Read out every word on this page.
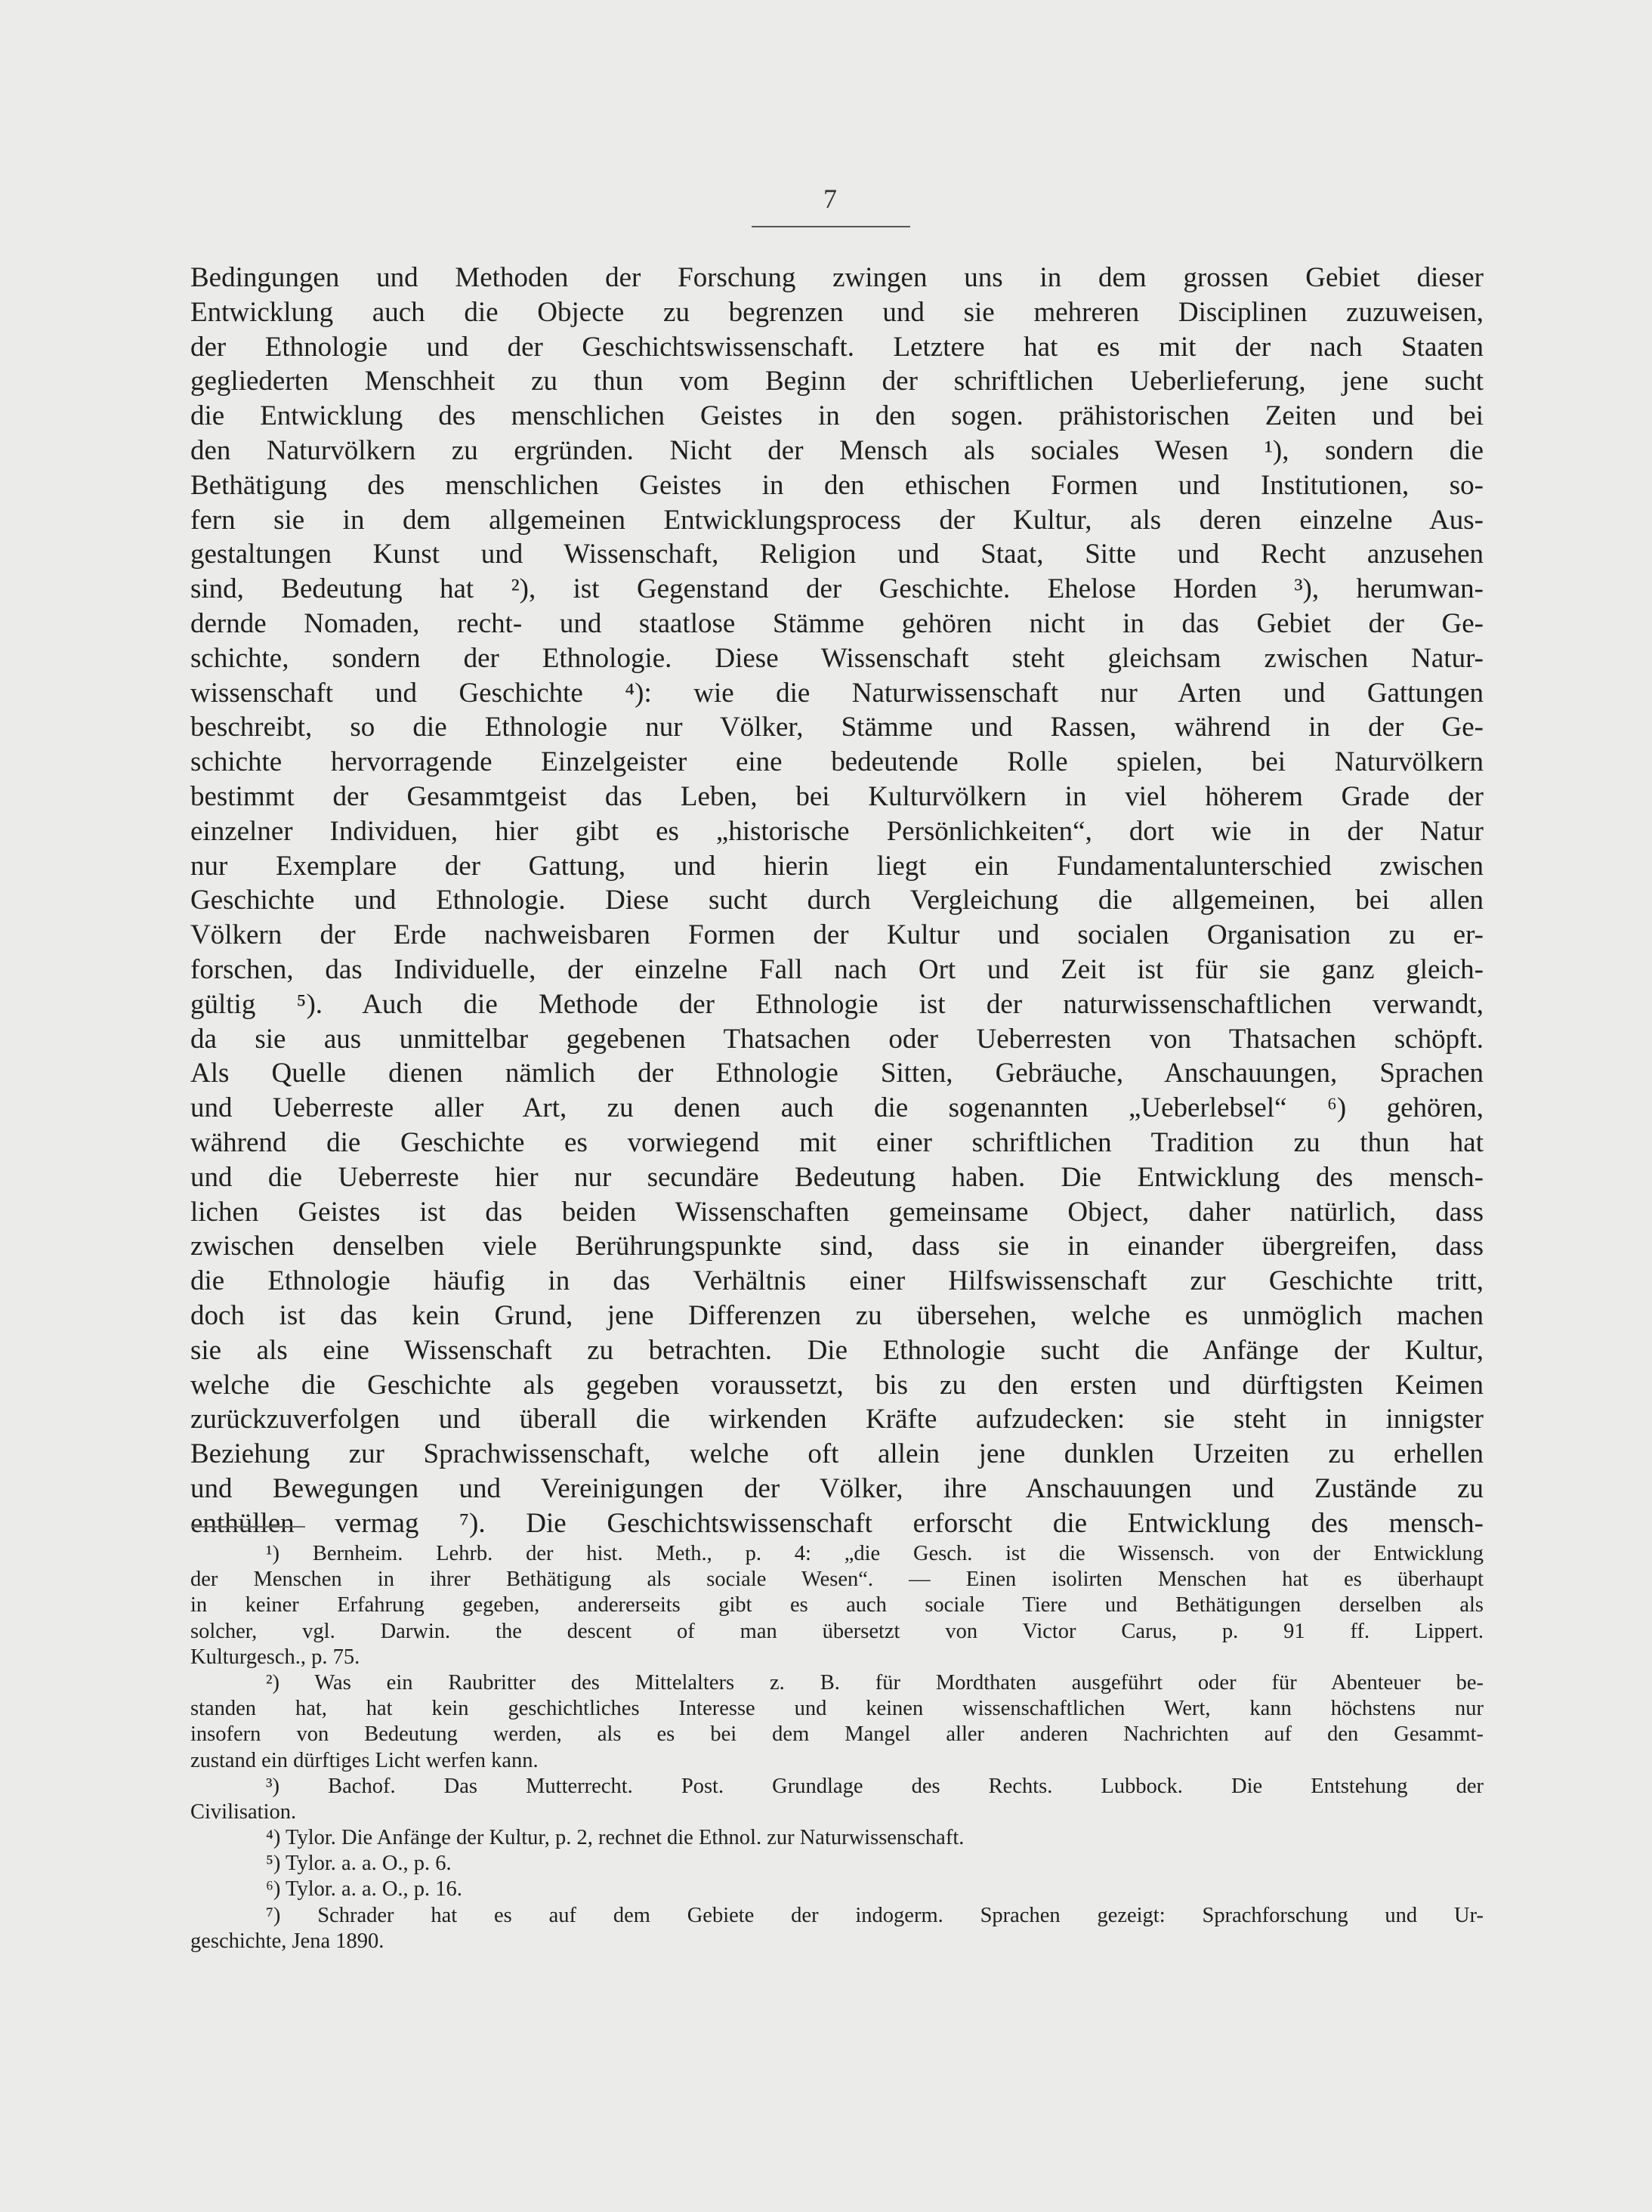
7
Bedingungen und Methoden der Forschung zwingen uns in dem grossen Gebiet dieser
Entwicklung auch die Objecte zu begrenzen und sie mehreren Disciplinen zuzuweisen,
der Ethnologie und der Geschichtswissenschaft. Letztere hat es mit der nach Staaten
gegliederten Menschheit zu thun vom Beginn der schriftlichen Ueberlieferung, jene sucht
die Entwicklung des menschlichen Geistes in den sogen. prähistorischen Zeiten und bei
den Naturvölkern zu ergründen. Nicht der Mensch als sociales Wesen ¹), sondern die
Bethätigung des menschlichen Geistes in den ethischen Formen und Institutionen, so-
fern sie in dem allgemeinen Entwicklungsprocess der Kultur, als deren einzelne Aus-
gestaltungen Kunst und Wissenschaft, Religion und Staat, Sitte und Recht anzusehen
sind, Bedeutung hat ²), ist Gegenstand der Geschichte. Ehelose Horden ³), herumwan-
dernde Nomaden, recht- und staatlose Stämme gehören nicht in das Gebiet der Ge-
schichte, sondern der Ethnologie. Diese Wissenschaft steht gleichsam zwischen Natur-
wissenschaft und Geschichte ⁴): wie die Naturwissenschaft nur Arten und Gattungen
beschreibt, so die Ethnologie nur Völker, Stämme und Rassen, während in der Ge-
schichte hervorragende Einzelgeister eine bedeutende Rolle spielen, bei Naturvölkern
bestimmt der Gesammtgeist das Leben, bei Kulturvölkern in viel höherem Grade der
einzelner Individuen, hier gibt es „historische Persönlichkeiten“, dort wie in der Natur
nur Exemplare der Gattung, und hierin liegt ein Fundamentalunterschied zwischen
Geschichte und Ethnologie. Diese sucht durch Vergleichung die allgemeinen, bei allen
Völkern der Erde nachweisbaren Formen der Kultur und socialen Organisation zu er-
forschen, das Individuelle, der einzelne Fall nach Ort und Zeit ist für sie ganz gleich-
gültig ⁵). Auch die Methode der Ethnologie ist der naturwissenschaftlichen verwandt,
da sie aus unmittelbar gegebenen Thatsachen oder Ueberresten von Thatsachen schöpft.
Als Quelle dienen nämlich der Ethnologie Sitten, Gebräuche, Anschauungen, Sprachen
und Ueberreste aller Art, zu denen auch die sogenannten „Ueberlebsel“ ⁶) gehören,
während die Geschichte es vorwiegend mit einer schriftlichen Tradition zu thun hat
und die Ueberreste hier nur secundäre Bedeutung haben. Die Entwicklung des mensch-
lichen Geistes ist das beiden Wissenschaften gemeinsame Object, daher natürlich, dass
zwischen denselben viele Berührungspunkte sind, dass sie in einander übergreifen, dass
die Ethnologie häufig in das Verhältnis einer Hilfswissenschaft zur Geschichte tritt,
doch ist das kein Grund, jene Differenzen zu übersehen, welche es unmöglich machen
sie als eine Wissenschaft zu betrachten. Die Ethnologie sucht die Anfänge der Kultur,
welche die Geschichte als gegeben voraussetzt, bis zu den ersten und dürftigsten Keimen
zurückzuverfolgen und überall die wirkenden Kräfte aufzudecken: sie steht in innigster
Beziehung zur Sprachwissenschaft, welche oft allein jene dunklen Urzeiten zu erhellen
und Bewegungen und Vereinigungen der Völker, ihre Anschauungen und Zustände zu
enthüllen vermag ⁷). Die Geschichtswissenschaft erforscht die Entwicklung des mensch-
¹) Bernheim. Lehrb. der hist. Meth., p. 4: „die Gesch. ist die Wissensch. von der Entwicklung
der Menschen in ihrer Bethätigung als sociale Wesen“. — Einen isolirten Menschen hat es überhaupt
in keiner Erfahrung gegeben, andererseits gibt es auch sociale Tiere und Bethätigungen derselben als
solcher, vgl. Darwin. the descent of man übersetzt von Victor Carus, p. 91 ff. Lippert.
Kulturgesch., p. 75.
²) Was ein Raubritter des Mittelalters z. B. für Mordthaten ausgeführt oder für Abenteuer be-
standen hat, hat kein geschichtliches Interesse und keinen wissenschaftlichen Wert, kann höchstens nur
insofern von Bedeutung werden, als es bei dem Mangel aller anderen Nachrichten auf den Gesammt-
zustand ein dürftiges Licht werfen kann.
³) Bachof. Das Mutterrecht. Post. Grundlage des Rechts. Lubbock. Die Entstehung der
Civilisation.
⁴) Tylor. Die Anfänge der Kultur, p. 2, rechnet die Ethnol. zur Naturwissenschaft.
⁵) Tylor. a. a. O., p. 6.
⁶) Tylor. a. a. O., p. 16.
⁷) Schrader hat es auf dem Gebiete der indogerm. Sprachen gezeigt: Sprachforschung und Ur-
geschichte, Jena 1890.
